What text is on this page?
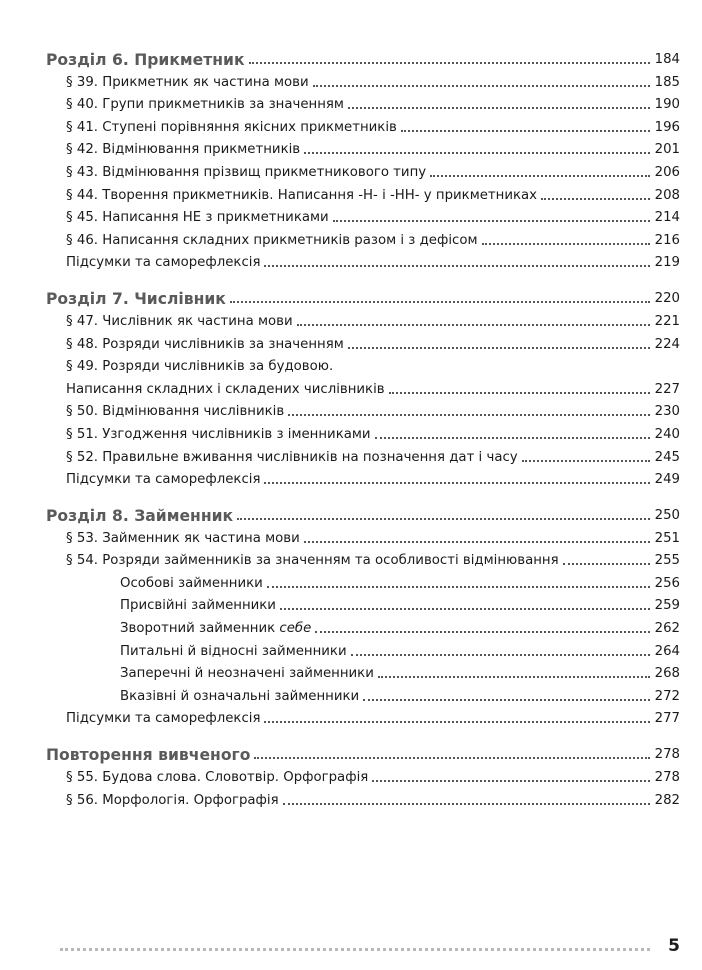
Розділ 6. Прикметник	184
§ 39. Прикметник як частина мови	185
§ 40. Групи прикметників за значенням	190
§ 41. Ступені порівняння якісних прикметників	196
§ 42. Відмінювання прикметників	201
§ 43. Відмінювання прізвищ прикметникового типу	206
§ 44. Творення прикметників. Написання -Н- і -НН- у прикметниках	208
§ 45. Написання НЕ з прикметниками	214
§ 46. Написання складних прикметників разом і з дефісом	216
Підсумки та саморефлексія	219
Розділ 7. Числівник	220
§ 47. Числівник як частина мови	221
§ 48. Розряди числівників за значенням	224
§ 49. Розряди числівників за будовою.
Написання складних і складених числівників	227
§ 50. Відмінювання числівників	230
§ 51. Узгодження числівників з іменниками	240
§ 52. Правильне вживання числівників на позначення дат і часу	245
Підсумки та саморефлексія	249
Розділ 8. Займенник	250
§ 53. Займенник як частина мови	251
§ 54. Розряди займенників за значенням та особливості відмінювання	255
Особові займенники	256
Присвійні займенники	259
Зворотний займенник себе	262
Питальні й відносні займенники	264
Заперечні й неозначені займенники	268
Вказівні й означальні займенники	272
Підсумки та саморефлексія	277
Повторення вивченого	278
§ 55. Будова слова. Словотвір. Орфографія	278
§ 56. Морфологія. Орфографія	282
5
